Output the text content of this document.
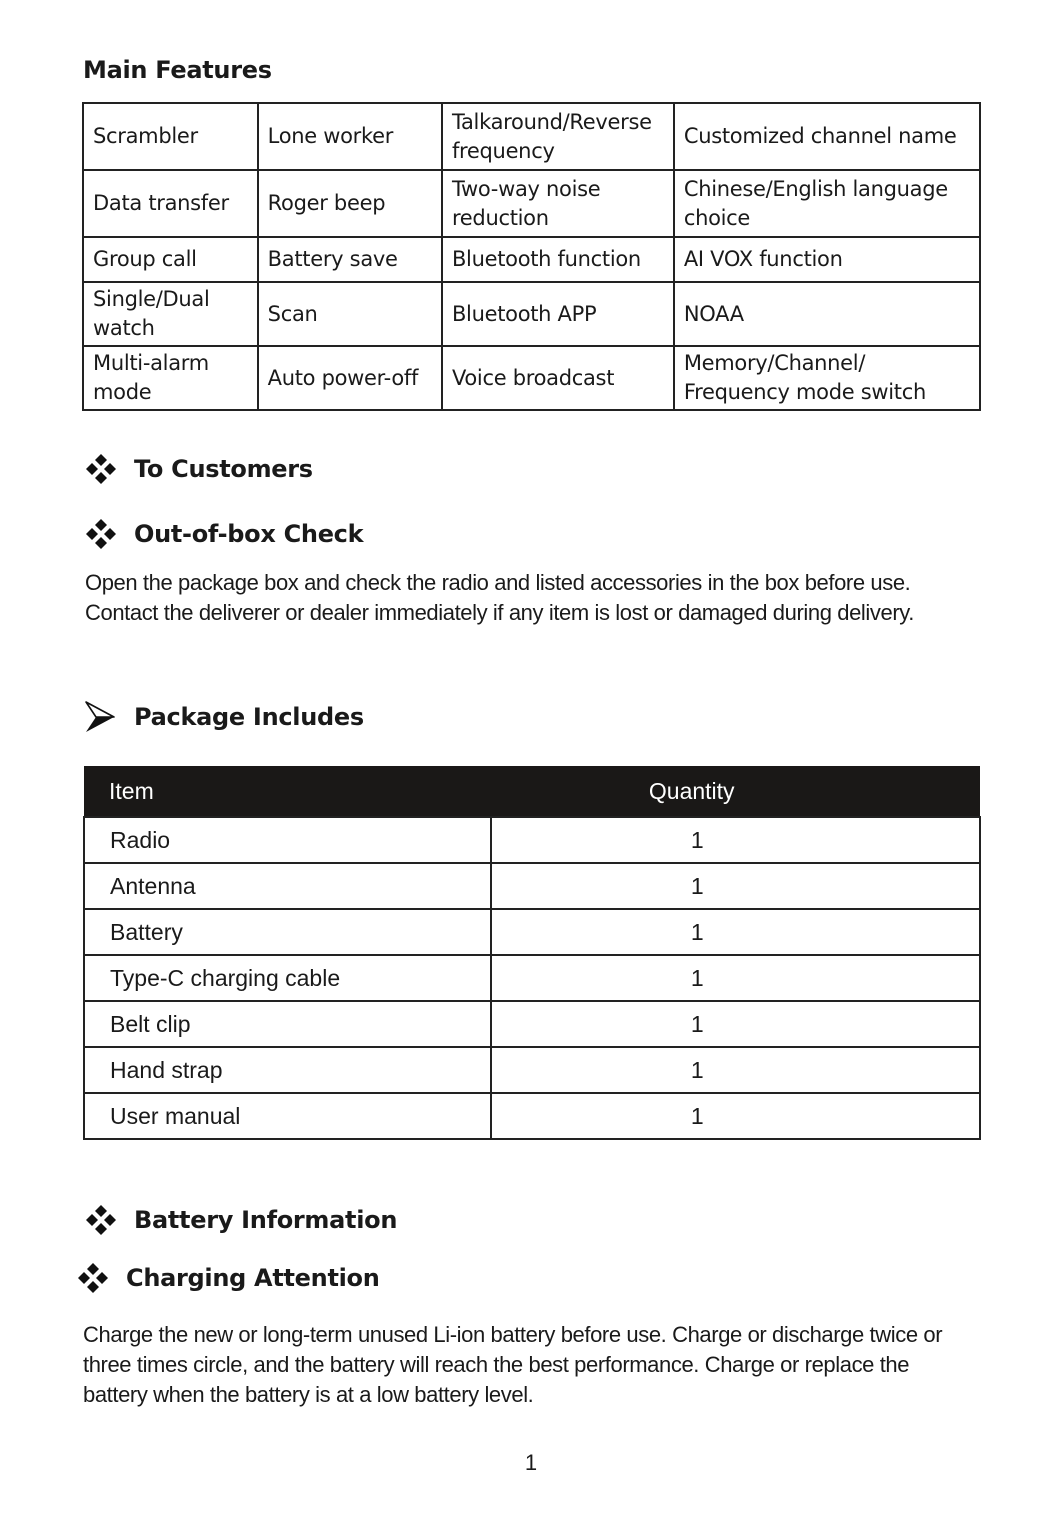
Main Features
Scrambler	Lone worker	Talkaround/Reverse frequency	Customized channel name
Data transfer	Roger beep	Two-way noise reduction	Chinese/English language choice
Group call	Battery save	Bluetooth function	AI VOX function
Single/Dual watch	Scan	Bluetooth APP	NOAA
Multi-alarm mode	Auto power-off	Voice broadcast	Memory/Channel/ Frequency mode switch
To Customers
Out-of-box Check
Open the package box and check the radio and listed accessories in the box before use. Contact the deliverer or dealer immediately if any item is lost or damaged during delivery.
Package Includes
Item	Quantity
Radio	1
Antenna	1
Battery	1
Type-C charging cable	1
Belt clip	1
Hand strap	1
User manual	1
Battery Information
Charging Attention
Charge the new or long-term unused Li-ion battery before use. Charge or discharge twice or three times circle, and the battery will reach the best performance. Charge or replace the battery when the battery is at a low battery level.
1
